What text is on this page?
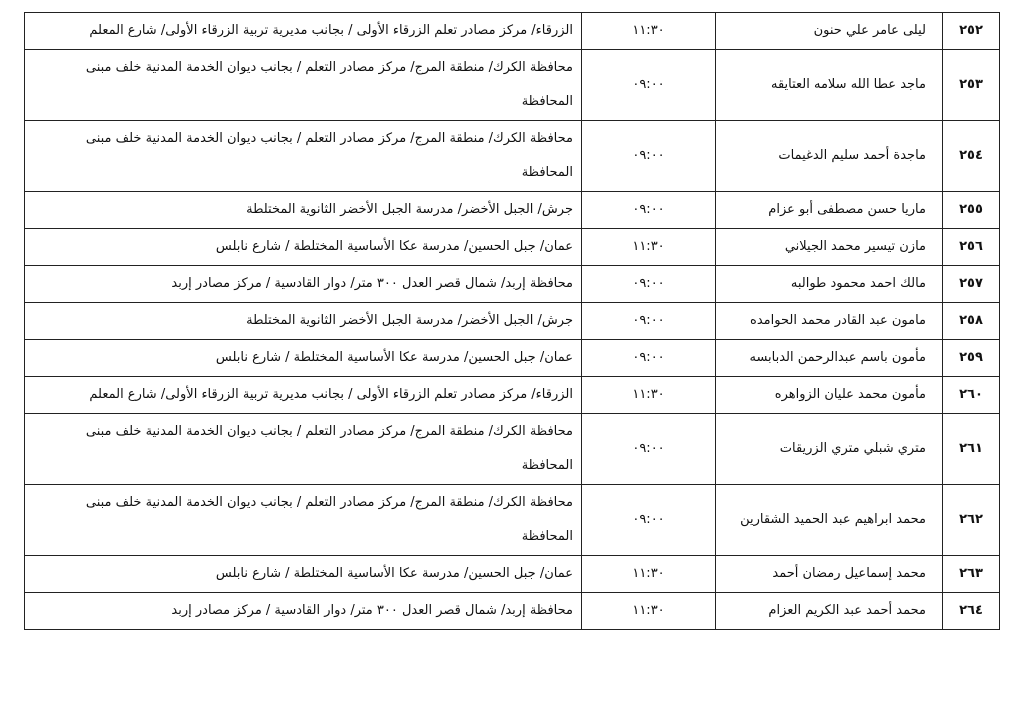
٢٥٢	ليلى عامر علي حنون	١١:٣٠	الزرقاء/ مركز مصادر تعلم الزرقاء الأولى / بجانب مديرية تربية الزرقاء الأولى/ شارع المعلم
٢٥٣	ماجد عطا الله سلامه العتايقه	٠٩:٠٠	محافظة الكرك/ منطقة المرج/ مركز مصادر التعلم / بجانب ديوان الخدمة المدنية خلف مبنى المحافظة
٢٥٤	ماجدة أحمد سليم الدغيمات	٠٩:٠٠	محافظة الكرك/ منطقة المرج/ مركز مصادر التعلم / بجانب ديوان الخدمة المدنية خلف مبنى المحافظة
٢٥٥	ماريا حسن مصطفى أبو عزام	٠٩:٠٠	جرش/ الجبل الأخضر/ مدرسة الجبل الأخضر الثانوية المختلطة
٢٥٦	مازن تيسير محمد الجيلاني	١١:٣٠	عمان/ جبل الحسين/ مدرسة عكا الأساسية المختلطة / شارع نابلس
٢٥٧	مالك احمد محمود طوالبه	٠٩:٠٠	محافظة إربد/ شمال قصر العدل ٣٠٠ متر/ دوار القادسية / مركز مصادر إربد
٢٥٨	مامون عبد القادر محمد الحوامده	٠٩:٠٠	جرش/ الجبل الأخضر/ مدرسة الجبل الأخضر الثانوية المختلطة
٢٥٩	مأمون باسم عبدالرحمن الدبابسه	٠٩:٠٠	عمان/ جبل الحسين/ مدرسة عكا الأساسية المختلطة / شارع نابلس
٢٦٠	مأمون محمد عليان الزواهره	١١:٣٠	الزرقاء/ مركز مصادر تعلم الزرقاء الأولى / بجانب مديرية تربية الزرقاء الأولى/ شارع المعلم
٢٦١	متري شبلي متري الزريقات	٠٩:٠٠	محافظة الكرك/ منطقة المرج/ مركز مصادر التعلم / بجانب ديوان الخدمة المدنية خلف مبنى المحافظة
٢٦٢	محمد ابراهيم عبد الحميد الشقارين	٠٩:٠٠	محافظة الكرك/ منطقة المرج/ مركز مصادر التعلم / بجانب ديوان الخدمة المدنية خلف مبنى المحافظة
٢٦٣	محمد إسماعيل رمضان أحمد	١١:٣٠	عمان/ جبل الحسين/ مدرسة عكا الأساسية المختلطة / شارع نابلس
٢٦٤	محمد أحمد عبد الكريم العزام	١١:٣٠	محافظة إربد/ شمال قصر العدل ٣٠٠ متر/ دوار القادسية / مركز مصادر إربد
